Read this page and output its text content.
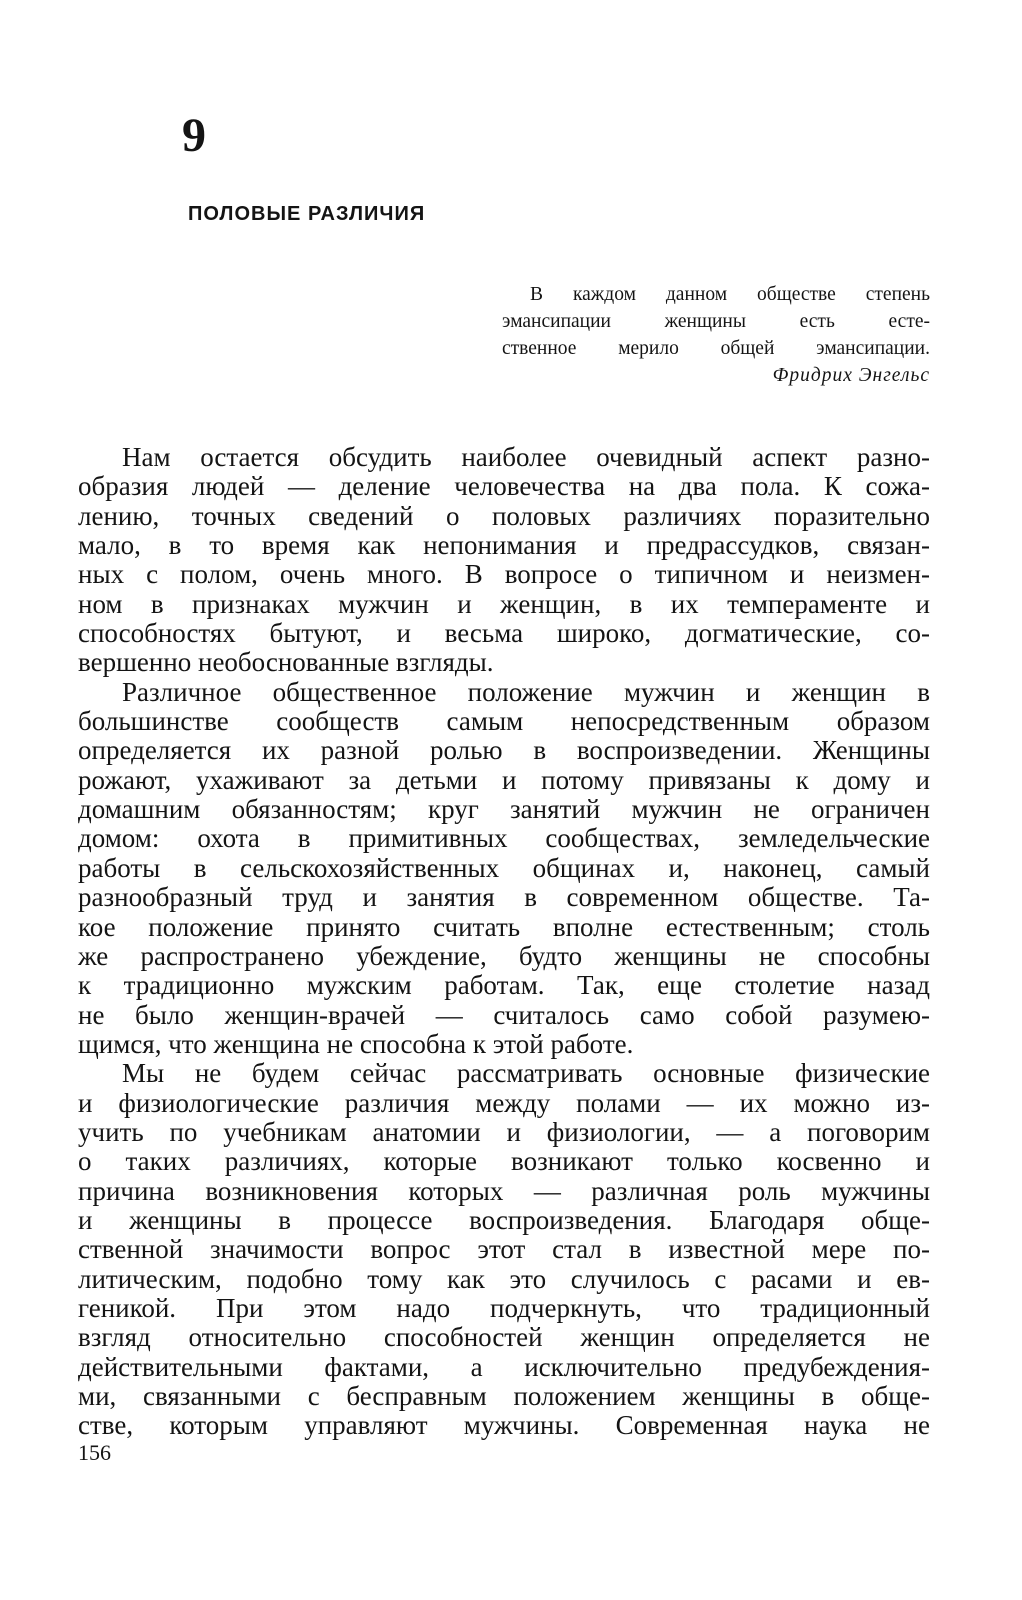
9
ПОЛОВЫЕ РАЗЛИЧИЯ
В каждом данном обществе степень
эмансипации женщины есть есте-
ственное мерило общей эмансипации.
Фридрих Энгельс
Нам остается обсудить наиболее очевидный аспект разно-
образия людей — деление человечества на два пола. К сожа-
лению, точных сведений о половых различиях поразительно
мало, в то время как непонимания и предрассудков, связан-
ных с полом, очень много. В вопросе о типичном и неизмен-
ном в признаках мужчин и женщин, в их темпераменте и
способностях бытуют, и весьма широко, догматические, со-
вершенно необоснованные взгляды.
Различное общественное положение мужчин и женщин в
большинстве сообществ самым непосредственным образом
определяется их разной ролью в воспроизведении. Женщины
рожают, ухаживают за детьми и потому привязаны к дому и
домашним обязанностям; круг занятий мужчин не ограничен
домом: охота в примитивных сообществах, земледельческие
работы в сельскохозяйственных общинах и, наконец, самый
разнообразный труд и занятия в современном обществе. Та-
кое положение принято считать вполне естественным; столь
же распространено убеждение, будто женщины не способны
к традиционно мужским работам. Так, еще столетие назад
не было женщин-врачей — считалось само собой разумею-
щимся, что женщина не способна к этой работе.
Мы не будем сейчас рассматривать основные физические
и физиологические различия между полами — их можно из-
учить по учебникам анатомии и физиологии, — а поговорим
о таких различиях, которые возникают только косвенно и
причина возникновения которых — различная роль мужчины
и женщины в процессе воспроизведения. Благодаря обще-
ственной значимости вопрос этот стал в известной мере по-
литическим, подобно тому как это случилось с расами и ев-
геникой. При этом надо подчеркнуть, что традиционный
взгляд относительно способностей женщин определяется не
действительными фактами, а исключительно предубеждения-
ми, связанными с бесправным положением женщины в обще-
стве, которым управляют мужчины. Современная наука не
156
